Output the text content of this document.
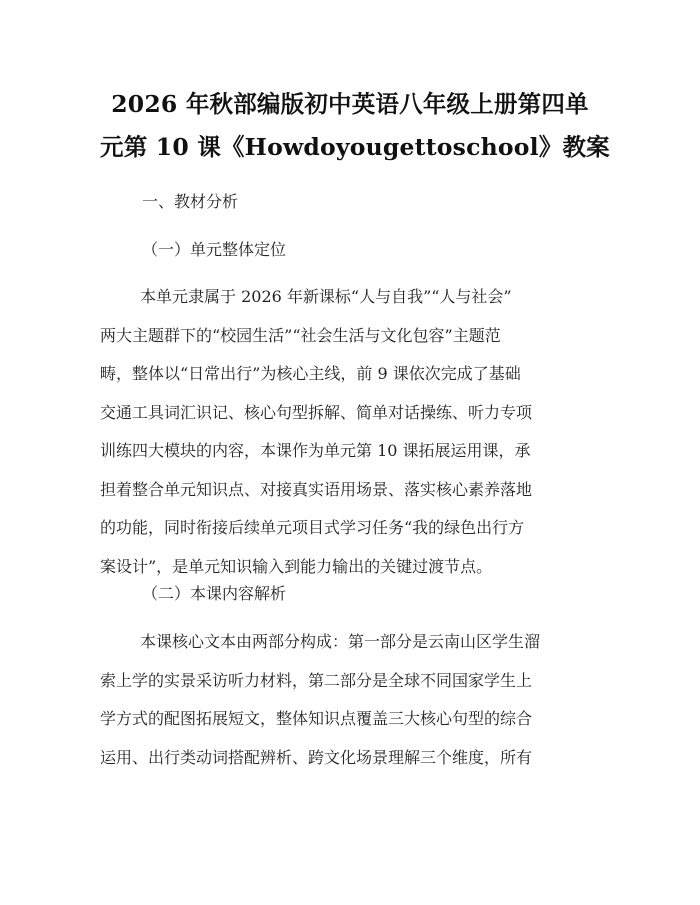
2026 年秋部编版初中英语八年级上册第四单
元第 10 课《Howdoyougettoschool》教案

一、教材分析

（一）单元整体定位

本单元隶属于 2026 年新课标“人与自我”“人与社会”
两大主题群下的“校园生活”“社会生活与文化包容”主题范
畴，整体以“日常出行”为核心主线，前 9 课依次完成了基础
交通工具词汇识记、核心句型拆解、简单对话操练、听力专项
训练四大模块的内容，本课作为单元第 10 课拓展运用课，承
担着整合单元知识点、对接真实语用场景、落实核心素养落地
的功能，同时衔接后续单元项目式学习任务“我的绿色出行方
案设计”，是单元知识输入到能力输出的关键过渡节点。

（二）本课内容解析

本课核心文本由两部分构成：第一部分是云南山区学生溜
索上学的实景采访听力材料，第二部分是全球不同国家学生上
学方式的配图拓展短文，整体知识点覆盖三大核心句型的综合
运用、出行类动词搭配辨析、跨文化场景理解三个维度，所有
